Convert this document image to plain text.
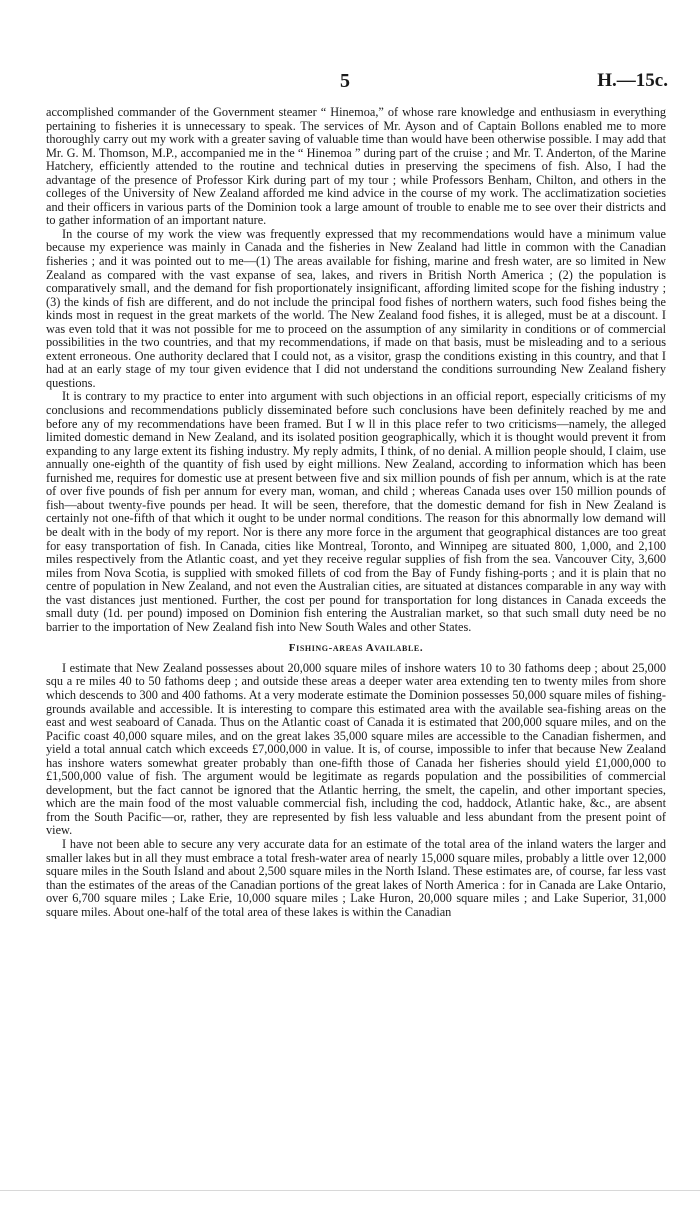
5	H.—15c.

accomplished commander of the Government steamer “ Hinemoa,” of whose rare knowledge and enthusiasm in everything pertaining to fisheries it is unnecessary to speak. The services of Mr. Ayson and of Captain Bollons enabled me to more thoroughly carry out my work with a greater saving of valuable time than would have been otherwise possible. I may add that Mr. G. M. Thomson, M.P., accompanied me in the “ Hinemoa ” during part of the cruise ; and Mr. T. Anderton, of the Marine Hatchery, efficiently attended to the routine and technical duties in preserving the specimens of fish. Also, I had the advantage of the presence of Professor Kirk during part of my tour ; while Professors Benham, Chilton, and others in the colleges of the University of New Zealand afforded me kind advice in the course of my work. The acclimatization societies and their officers in various parts of the Dominion took a large amount of trouble to enable me to see over their districts and to gather information of an important nature.

In the course of my work the view was frequently expressed that my recommendations would have a minimum value because my experience was mainly in Canada and the fisheries in New Zealand had little in common with the Canadian fisheries ; and it was pointed out to me—(1) The areas available for fishing, marine and fresh water, are so limited in New Zealand as compared with the vast expanse of sea, lakes, and rivers in British North America ; (2) the population is comparatively small, and the demand for fish proportionately insignificant, affording limited scope for the fishing industry ; (3) the kinds of fish are different, and do not include the principal food fishes of northern waters, such food fishes being the kinds most in request in the great markets of the world. The New Zealand food fishes, it is alleged, must be at a discount. I was even told that it was not possible for me to proceed on the assumption of any similarity in conditions or of commercial possibilities in the two countries, and that my recommendations, if made on that basis, must be misleading and to a serious extent erroneous. One authority declared that I could not, as a visitor, grasp the conditions existing in this country, and that I had at an early stage of my tour given evidence that I did not understand the conditions surrounding New Zealand fishery questions.

It is contrary to my practice to enter into argument with such objections in an official report, especially criticisms of my conclusions and recommendations publicly disseminated before such conclusions have been definitely reached by me and before any of my recommendations have been framed. But I w ll in this place refer to two criticisms—namely, the alleged limited domestic demand in New Zealand, and its isolated position geographically, which it is thought would prevent it from expanding to any large extent its fishing industry. My reply admits, I think, of no denial. A million people should, I claim, use annually one-eighth of the quantity of fish used by eight millions. New Zealand, according to information which has been furnished me, requires for domestic use at present between five and six million pounds of fish per annum, which is at the rate of over five pounds of fish per annum for every man, woman, and child ; whereas Canada uses over 150 million pounds of fish—about twenty-five pounds per head. It will be seen, therefore, that the domestic demand for fish in New Zealand is certainly not one-fifth of that which it ought to be under normal conditions. The reason for this abnormally low demand will be dealt with in the body of my report. Nor is there any more force in the argument that geographical distances are too great for easy transportation of fish. In Canada, cities like Montreal, Toronto, and Winnipeg are situated 800, 1,000, and 2,100 miles respectively from the Atlantic coast, and yet they receive regular supplies of fish from the sea. Vancouver City, 3,600 miles from Nova Scotia, is supplied with smoked fillets of cod from the Bay of Fundy fishing-ports ; and it is plain that no centre of population in New Zealand, and not even the Australian cities, are situated at distances comparable in any way with the vast distances just mentioned. Further, the cost per pound for transportation for long distances in Canada exceeds the small duty (1d. per pound) imposed on Dominion fish entering the Australian market, so that such small duty need be no barrier to the importation of New Zealand fish into New South Wales and other States.

Fishing-areas Available.

I estimate that New Zealand possesses about 20,000 square miles of inshore waters 10 to 30 fathoms deep ; about 25,000 squ a re miles 40 to 50 fathoms deep ; and outside these areas a deeper water area extending ten to twenty miles from shore which descends to 300 and 400 fathoms. At a very moderate estimate the Dominion possesses 50,000 square miles of fishing-grounds available and accessible. It is interesting to compare this estimated area with the available sea-fishing areas on the east and west seaboard of Canada. Thus on the Atlantic coast of Canada it is estimated that 200,000 square miles, and on the Pacific coast 40,000 square miles, and on the great lakes 35,000 square miles are accessible to the Canadian fishermen, and yield a total annual catch which exceeds £7,000,000 in value. It is, of course, impossible to infer that because New Zealand has inshore waters somewhat greater probably than one-fifth those of Canada her fisheries should yield £1,000,000 to £1,500,000 value of fish. The argument would be legitimate as regards population and the possibilities of commercial development, but the fact cannot be ignored that the Atlantic herring, the smelt, the capelin, and other important species, which are the main food of the most valuable commercial fish, including the cod, haddock, Atlantic hake, &c., are absent from the South Pacific—or, rather, they are represented by fish less valuable and less abundant from the present point of view.

I have not been able to secure any very accurate data for an estimate of the total area of the inland waters the larger and smaller lakes but in all they must embrace a total fresh-water area of nearly 15,000 square miles, probably a little over 12,000 square miles in the South Island and about 2,500 square miles in the North Island. These estimates are, of course, far less vast than the estimates of the areas of the Canadian portions of the great lakes of North America : for in Canada are Lake Ontario, over 6,700 square miles ; Lake Erie, 10,000 square miles ; Lake Huron, 20,000 square miles ; and Lake Superior, 31,000 square miles. About one-half of the total area of these lakes is within the Canadian
